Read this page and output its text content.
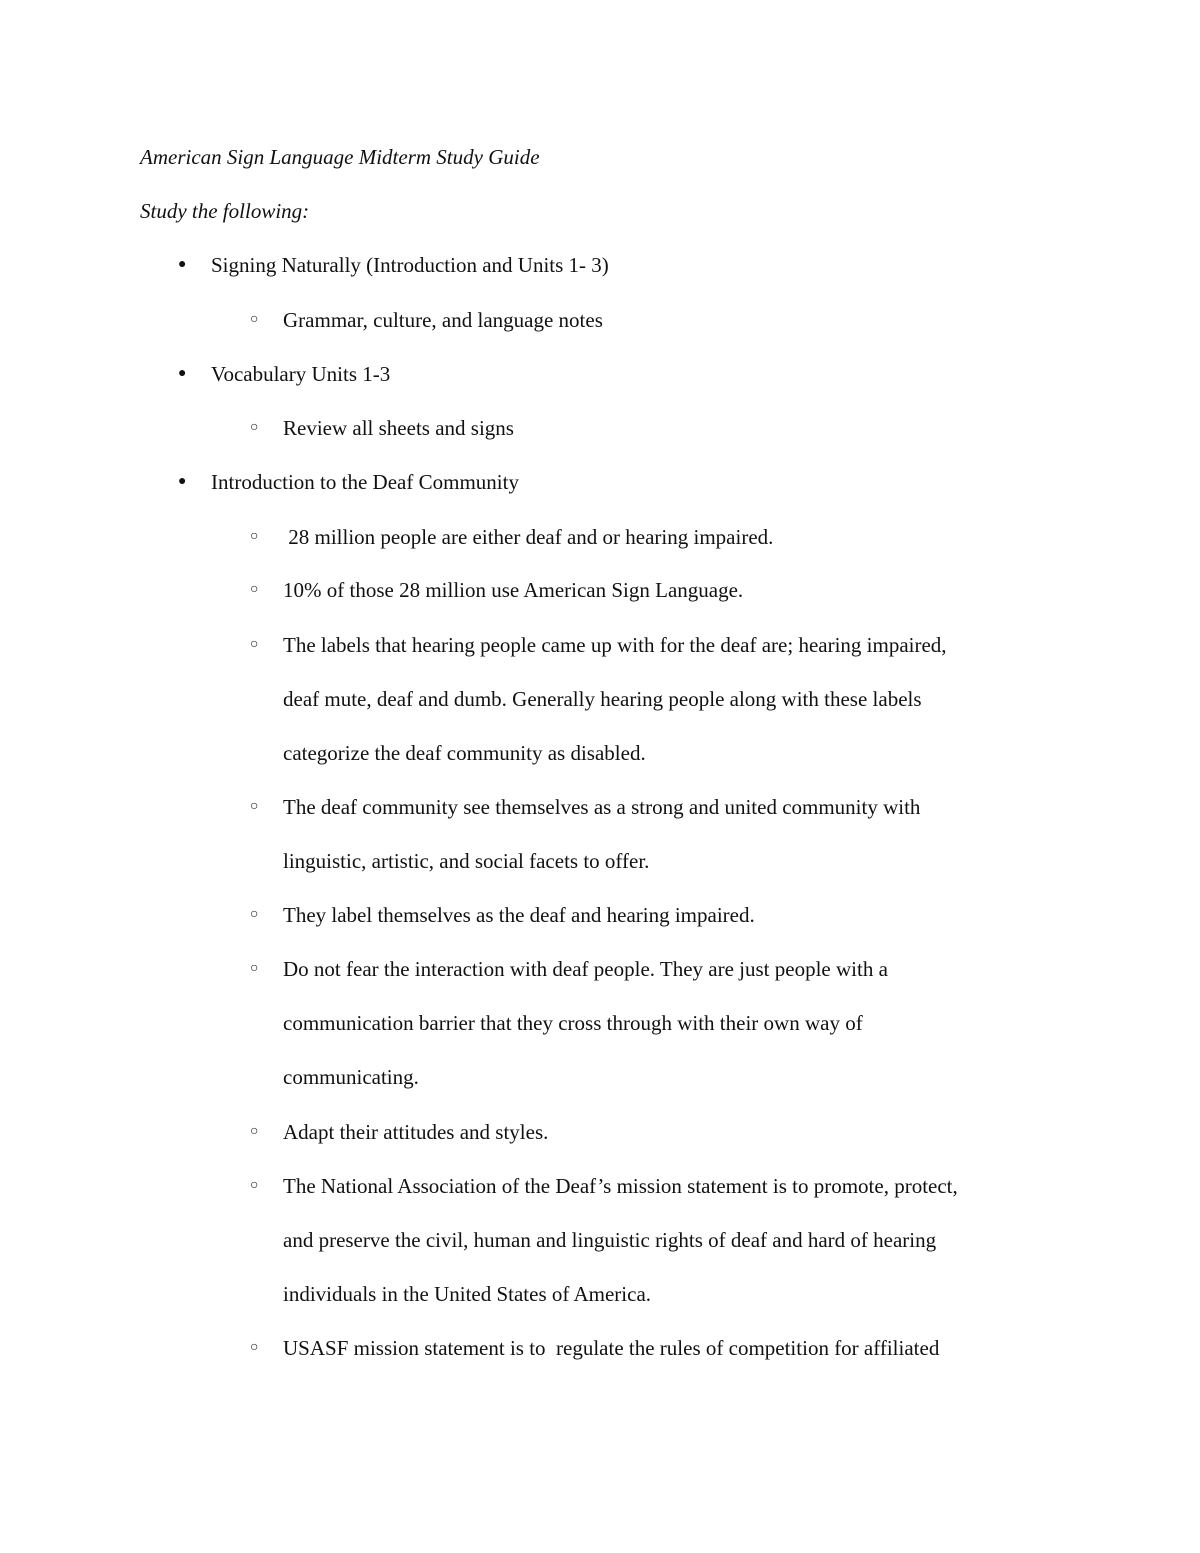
American Sign Language Midterm Study Guide
Study the following:
● Signing Naturally (Introduction and Units 1- 3)
○ Grammar, culture, and language notes
● Vocabulary Units 1-3
○ Review all sheets and signs
● Introduction to the Deaf Community
○ 28 million people are either deaf and or hearing impaired.
○ 10% of those 28 million use American Sign Language.
○ The labels that hearing people came up with for the deaf are; hearing impaired,
deaf mute, deaf and dumb. Generally hearing people along with these labels
categorize the deaf community as disabled.
○ The deaf community see themselves as a strong and united community with
linguistic, artistic, and social facets to offer.
○ They label themselves as the deaf and hearing impaired.
○ Do not fear the interaction with deaf people. They are just people with a
communication barrier that they cross through with their own way of
communicating.
○ Adapt their attitudes and styles.
○ The National Association of the Deaf’s mission statement is to promote, protect,
and preserve the civil, human and linguistic rights of deaf and hard of hearing
individuals in the United States of America.
○ USASF mission statement is to  regulate the rules of competition for affiliated
